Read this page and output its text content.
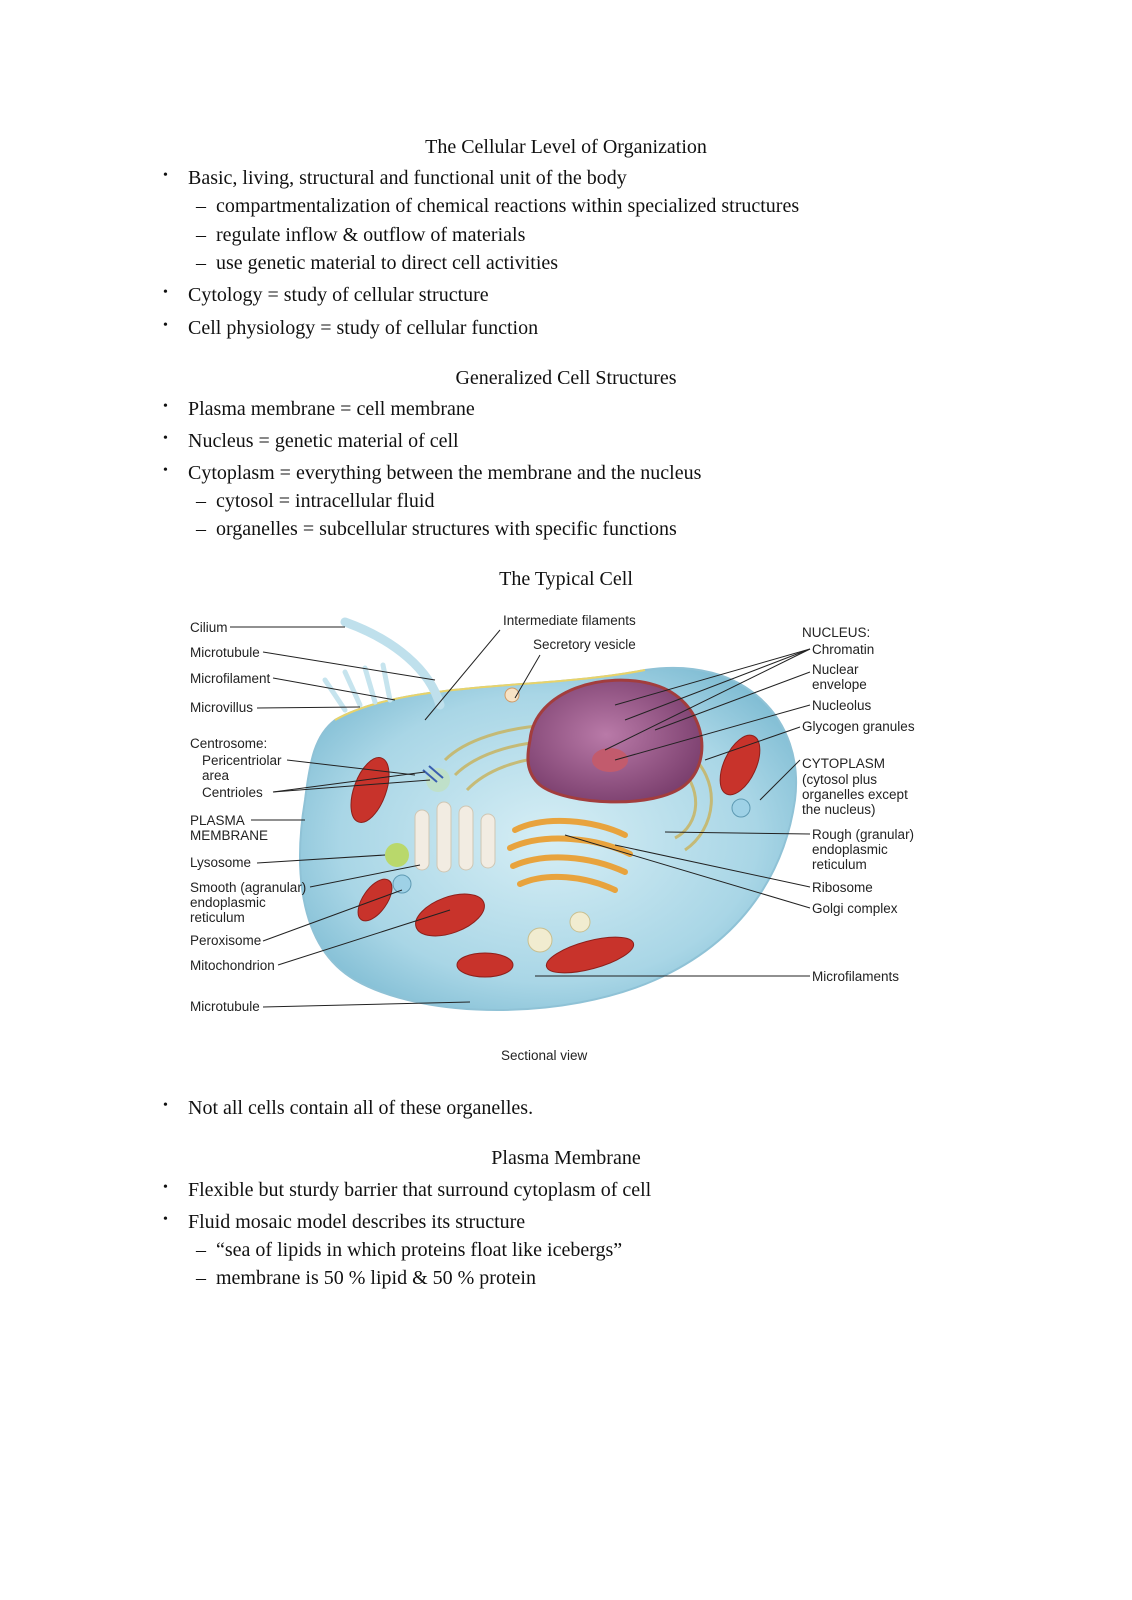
The Cellular Level of Organization
• Basic, living, structural and functional unit of the body
– compartmentalization of chemical reactions within specialized structures
– regulate inflow & outflow of materials
– use genetic material to direct cell activities
• Cytology = study of cellular structure
• Cell physiology = study of cellular function
Generalized Cell Structures
• Plasma membrane = cell membrane
• Nucleus = genetic material of cell
• Cytoplasm = everything between the membrane and the nucleus
– cytosol = intracellular fluid
– organelles = subcellular structures with specific functions
The Typical Cell
Cilium
Microtubule
Microfilament
Microvillus
Centrosome:
Pericentriolar
area
Centrioles
PLASMA
MEMBRANE
Lysosome
Smooth (agranular)
endoplasmic
reticulum
Peroxisome
Mitochondrion
Microtubule
Intermediate filaments
Secretory vesicle
NUCLEUS:
Chromatin
Nuclear
envelope
Nucleolus
Glycogen granules
CYTOPLASM
(cytosol plus
organelles except
the nucleus)
Rough (granular)
endoplasmic
reticulum
Ribosome
Golgi complex
Microfilaments
Sectional view
• Not all cells contain all of these organelles.
Plasma Membrane
• Flexible but sturdy barrier that surround cytoplasm of cell
• Fluid mosaic model describes its structure
– “sea of lipids in which proteins float like icebergs”
– membrane is 50 % lipid & 50 % protein
